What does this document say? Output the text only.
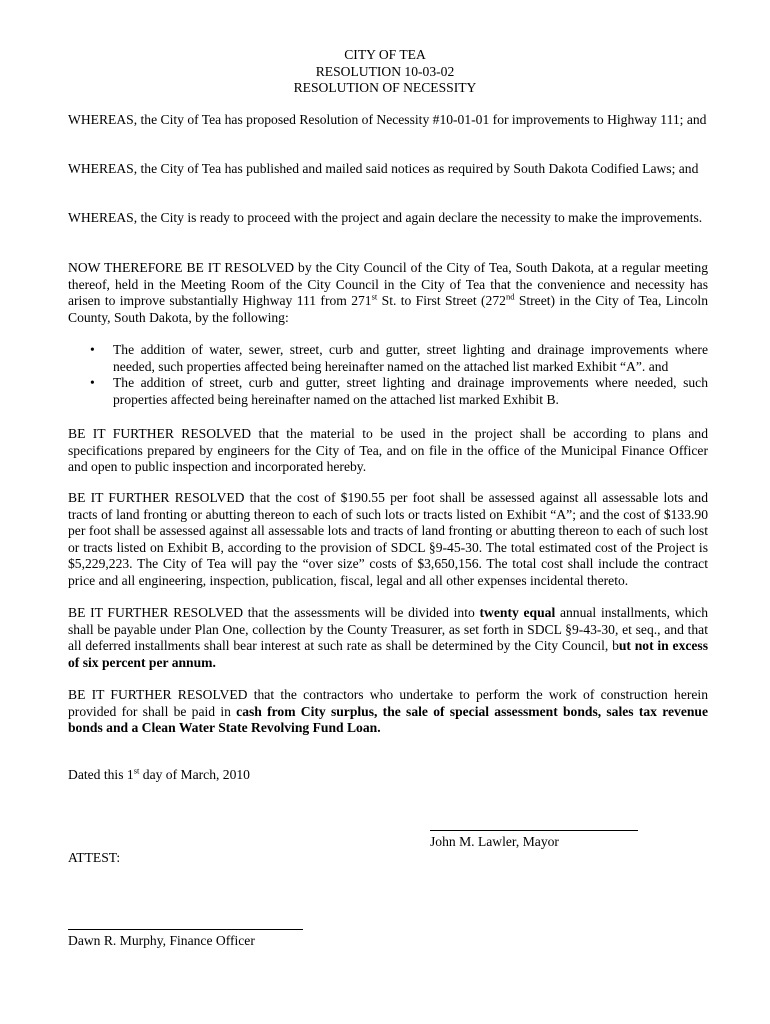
CITY OF TEA
RESOLUTION 10-03-02
RESOLUTION OF NECESSITY

WHEREAS, the City of Tea has proposed Resolution of Necessity #10-01-01 for improvements to Highway 111; and

WHEREAS, the City of Tea has published and mailed said notices as required by South Dakota Codified Laws; and

WHEREAS, the City is ready to proceed with the project and again declare the necessity to make the improvements.

NOW THEREFORE BE IT RESOLVED by the City Council of the City of Tea, South Dakota, at a regular meeting thereof, held in the Meeting Room of the City Council in the City of Tea that the convenience and necessity has arisen to improve substantially Highway 111 from 271st St. to First Street (272nd Street) in the City of Tea, Lincoln County, South Dakota, by the following:

• The addition of water, sewer, street, curb and gutter, street lighting and drainage improvements where needed, such properties affected being hereinafter named on the attached list marked Exhibit “A”. and
• The addition of street, curb and gutter, street lighting and drainage improvements where needed, such properties affected being hereinafter named on the attached list marked Exhibit B.

BE IT FURTHER RESOLVED that the material to be used in the project shall be according to plans and specifications prepared by engineers for the City of Tea, and on file in the office of the Municipal Finance Officer and open to public inspection and incorporated hereby.

BE IT FURTHER RESOLVED that the cost of $190.55 per foot shall be assessed against all assessable lots and tracts of land fronting or abutting thereon to each of such lots or tracts listed on Exhibit “A”; and the cost of $133.90 per foot shall be assessed against all assessable lots and tracts of land fronting or abutting thereon to each of such lost or tracts listed on Exhibit B, according to the provision of SDCL §9-45-30. The total estimated cost of the Project is $5,229,223. The City of Tea will pay the “over size” costs of $3,650,156. The total cost shall include the contract price and all engineering, inspection, publication, fiscal, legal and all other expenses incidental thereto.

BE IT FURTHER RESOLVED that the assessments will be divided into twenty equal annual installments, which shall be payable under Plan One, collection by the County Treasurer, as set forth in SDCL §9-43-30, et seq., and that all deferred installments shall bear interest at such rate as shall be determined by the City Council, but not in excess of six percent per annum.

BE IT FURTHER RESOLVED that the contractors who undertake to perform the work of construction herein provided for shall be paid in cash from City surplus, the sale of special assessment bonds, sales tax revenue bonds and a Clean Water State Revolving Fund Loan.

Dated this 1st day of March, 2010

John M. Lawler, Mayor
ATTEST:
Dawn R. Murphy, Finance Officer
